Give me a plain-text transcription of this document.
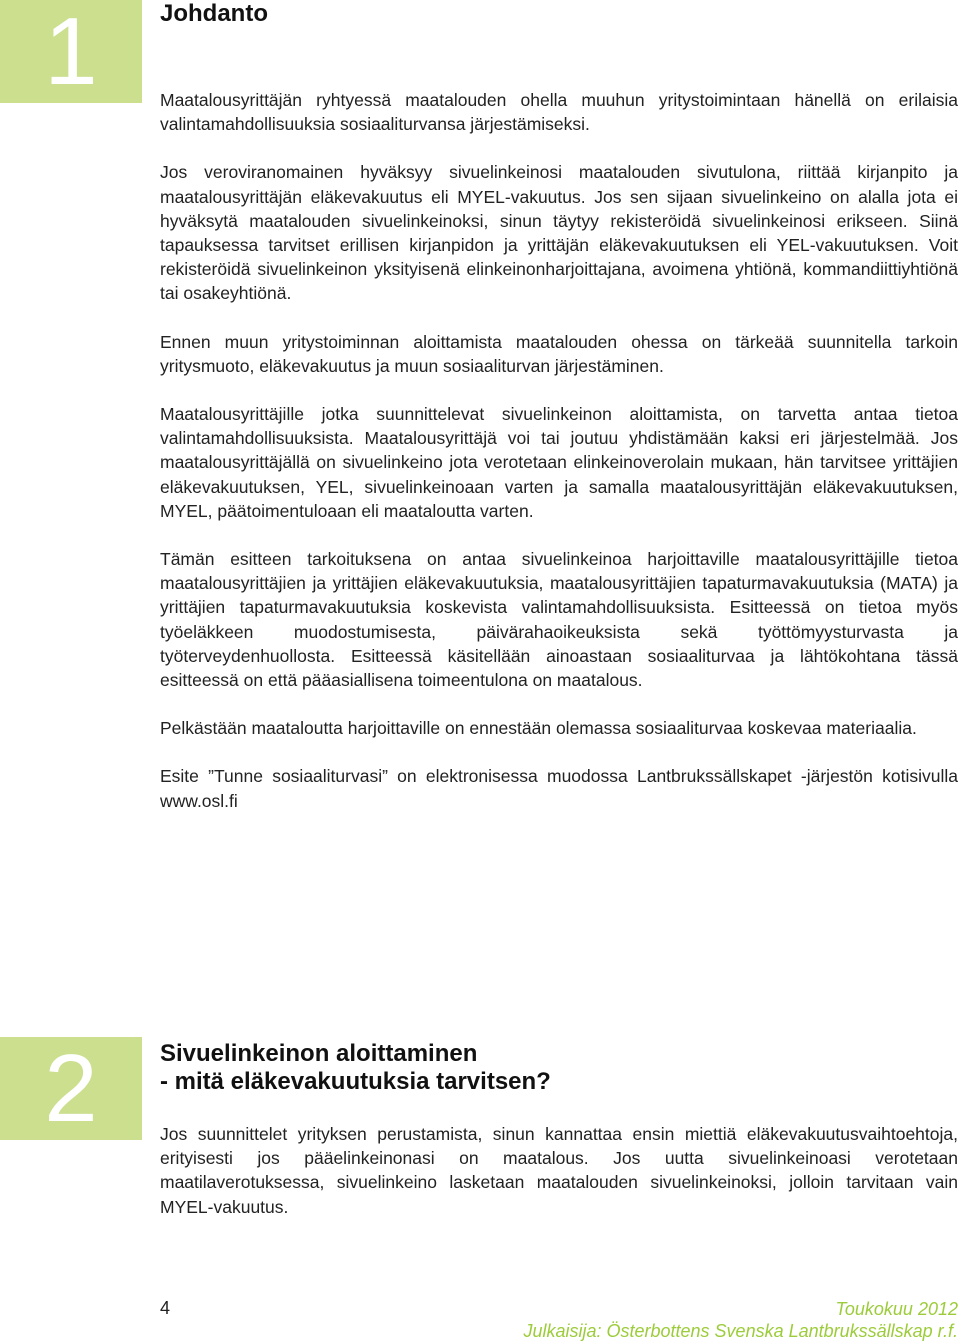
1	Johdanto

Maatalousyrittäjän ryhtyessä maatalouden ohella muuhun yritystoimintaan hänellä on erilaisia valintamahdollisuuksia sosiaaliturvansa järjestämiseksi.

Jos veroviranomainen hyväksyy sivuelinkeinosi maatalouden sivutulona, riittää kirjanpito ja maatalousyrittäjän eläkevakuutus eli MYEL-vakuutus. Jos sen sijaan sivuelinkeino on alalla jota ei hyväksytä maatalouden sivuelinkeinoksi, sinun täytyy rekisteröidä sivuelinkeinosi erikseen. Siinä tapauksessa tarvitset erillisen kirjanpidon ja yrittäjän eläkevakuutuksen eli YEL-vakuutuksen. Voit rekisteröidä sivuelinkeinon yksityisenä elinkeinonharjoittajana, avoimena yhtiönä, kommandiittiyhtiönä tai osakeyhtiönä.

Ennen muun yritystoiminnan aloittamista maatalouden ohessa on tärkeää suunnitella tarkoin yritysmuoto, eläkevakuutus ja muun sosiaaliturvan järjestäminen.

Maatalousyrittäjille jotka suunnittelevat sivuelinkeinon aloittamista, on tarvetta antaa tietoa valintamahdollisuuksista. Maatalousyrittäjä voi tai joutuu yhdistämään kaksi eri järjestelmää. Jos maatalousyrittäjällä on sivuelinkeino jota verotetaan elinkeinoverolain mukaan, hän tarvitsee yrittäjien eläkevakuutuksen, YEL, sivuelinkeinoaan varten ja samalla maatalousyrittäjän eläkevakuutuksen, MYEL, päätoimentuloaan eli maataloutta varten.

Tämän esitteen tarkoituksena on antaa sivuelinkeinoa harjoittaville maatalousyrittäjille tietoa maatalousyrittäjien ja yrittäjien eläkevakuutuksia, maatalousyrittäjien tapaturmavakuutuksia (MATA) ja yrittäjien tapaturmavakuutuksia koskevista valintamahdollisuuksista. Esitteessä on tietoa myös työeläkkeen muodostumisesta, päivärahaoikeuksista sekä työttömyysturvasta ja työterveydenhuollosta. Esitteessä käsitellään ainoastaan sosiaaliturvaa ja lähtökohtana tässä esitteessä on että pääasiallisena toimeentulona on maatalous.

Pelkästään maataloutta harjoittaville on ennestään olemassa sosiaaliturvaa koskevaa materiaalia.

Esite ”Tunne sosiaaliturvasi” on elektronisessa muodossa Lantbrukssällskapet -järjestön kotisivulla www.osl.fi

2	Sivuelinkeinon aloittaminen
- mitä eläkevakuutuksia tarvitsen?

Jos suunnittelet yrityksen perustamista, sinun kannattaa ensin miettiä eläkevakuutusvaihtoehtoja, erityisesti jos pääelinkeinonasi on maatalous. Jos uutta sivuelinkeinoasi verotetaan maatilaverotuksessa, sivuelinkeino lasketaan maatalouden sivuelinkeinoksi, jolloin tarvitaan vain MYEL-vakuutus.

4	Toukokuu 2012
Julkaisija: Österbottens Svenska Lantbrukssällskap r.f.
